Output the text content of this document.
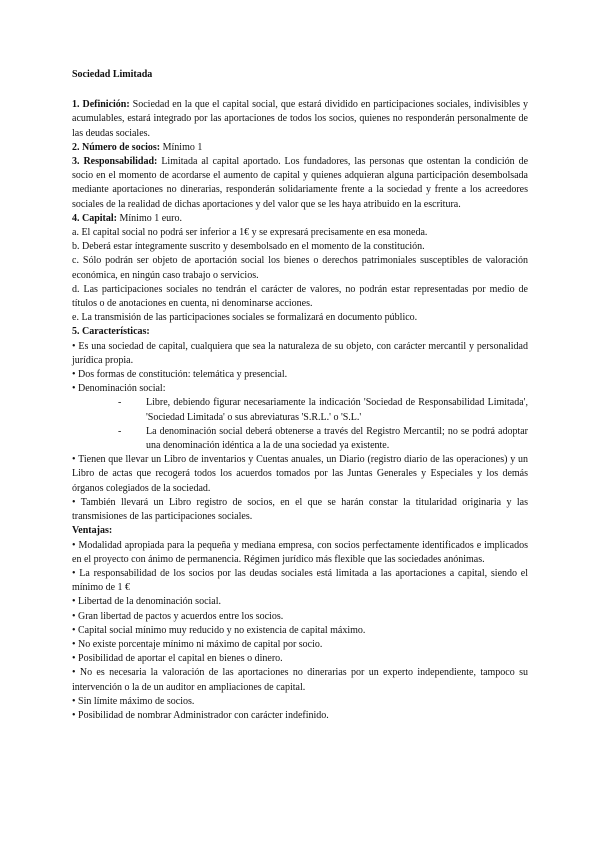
Sociedad Limitada

1. Definición: Sociedad en la que el capital social, que estará dividido en participaciones sociales, indivisibles y acumulables, estará integrado por las aportaciones de todos los socios, quienes no responderán personalmente de las deudas sociales.

2. Número de socios: Mínimo 1

3. Responsabilidad: Limitada al capital aportado. Los fundadores, las personas que ostentan la condición de socio en el momento de acordarse el aumento de capital y quienes adquieran alguna participación desembolsada mediante aportaciones no dinerarias, responderán solidariamente frente a la sociedad y frente a los acreedores sociales de la realidad de dichas aportaciones y del valor que se les haya atribuido en la escritura.

4. Capital: Mínimo 1 euro.

a. El capital social no podrá ser inferior a 1€ y se expresará precisamente en esa moneda.

b. Deberá estar íntegramente suscrito y desembolsado en el momento de la constitución.

c. Sólo podrán ser objeto de aportación social los bienes o derechos patrimoniales susceptibles de valoración económica, en ningún caso trabajo o servicios.

d. Las participaciones sociales no tendrán el carácter de valores, no podrán estar representadas por medio de títulos o de anotaciones en cuenta, ni denominarse acciones.

e. La transmisión de las participaciones sociales se formalizará en documento público.

5. Características:

• Es una sociedad de capital, cualquiera que sea la naturaleza de su objeto, con carácter mercantil y personalidad jurídica propia.

• Dos formas de constitución: telemática y presencial.

• Denominación social:

-	Libre, debiendo figurar necesariamente la indicación 'Sociedad de Responsabilidad Limitada', 'Sociedad Limitada' o sus abreviaturas 'S.R.L.' o 'S.L.'
-	La denominación social deberá obtenerse a través del Registro Mercantil; no se podrá adoptar una denominación idéntica a la de una sociedad ya existente.

• Tienen que llevar un Libro de inventarios y Cuentas anuales, un Diario (registro diario de las operaciones) y un Libro de actas que recogerá todos los acuerdos tomados por las Juntas Generales y Especiales y los demás órganos colegiados de la sociedad.

• También llevará un Libro registro de socios, en el que se harán constar la titularidad originaria y las transmisiones de las participaciones sociales.

Ventajas:

• Modalidad apropiada para la pequeña y mediana empresa, con socios perfectamente identificados e implicados en el proyecto con ánimo de permanencia. Régimen jurídico más flexible que las sociedades anónimas.

• La responsabilidad de los socios por las deudas sociales está limitada a las aportaciones a capital, siendo el mínimo de 1 €

• Libertad de la denominación social.

• Gran libertad de pactos y acuerdos entre los socios.

• Capital social mínimo muy reducido y no existencia de capital máximo.

• No existe porcentaje mínimo ni máximo de capital por socio.

• Posibilidad de aportar el capital en bienes o dinero.

• No es necesaria la valoración de las aportaciones no dinerarias por un experto independiente, tampoco su intervención o la de un auditor en ampliaciones de capital.

• Sin límite máximo de socios.

• Posibilidad de nombrar Administrador con carácter indefinido.
